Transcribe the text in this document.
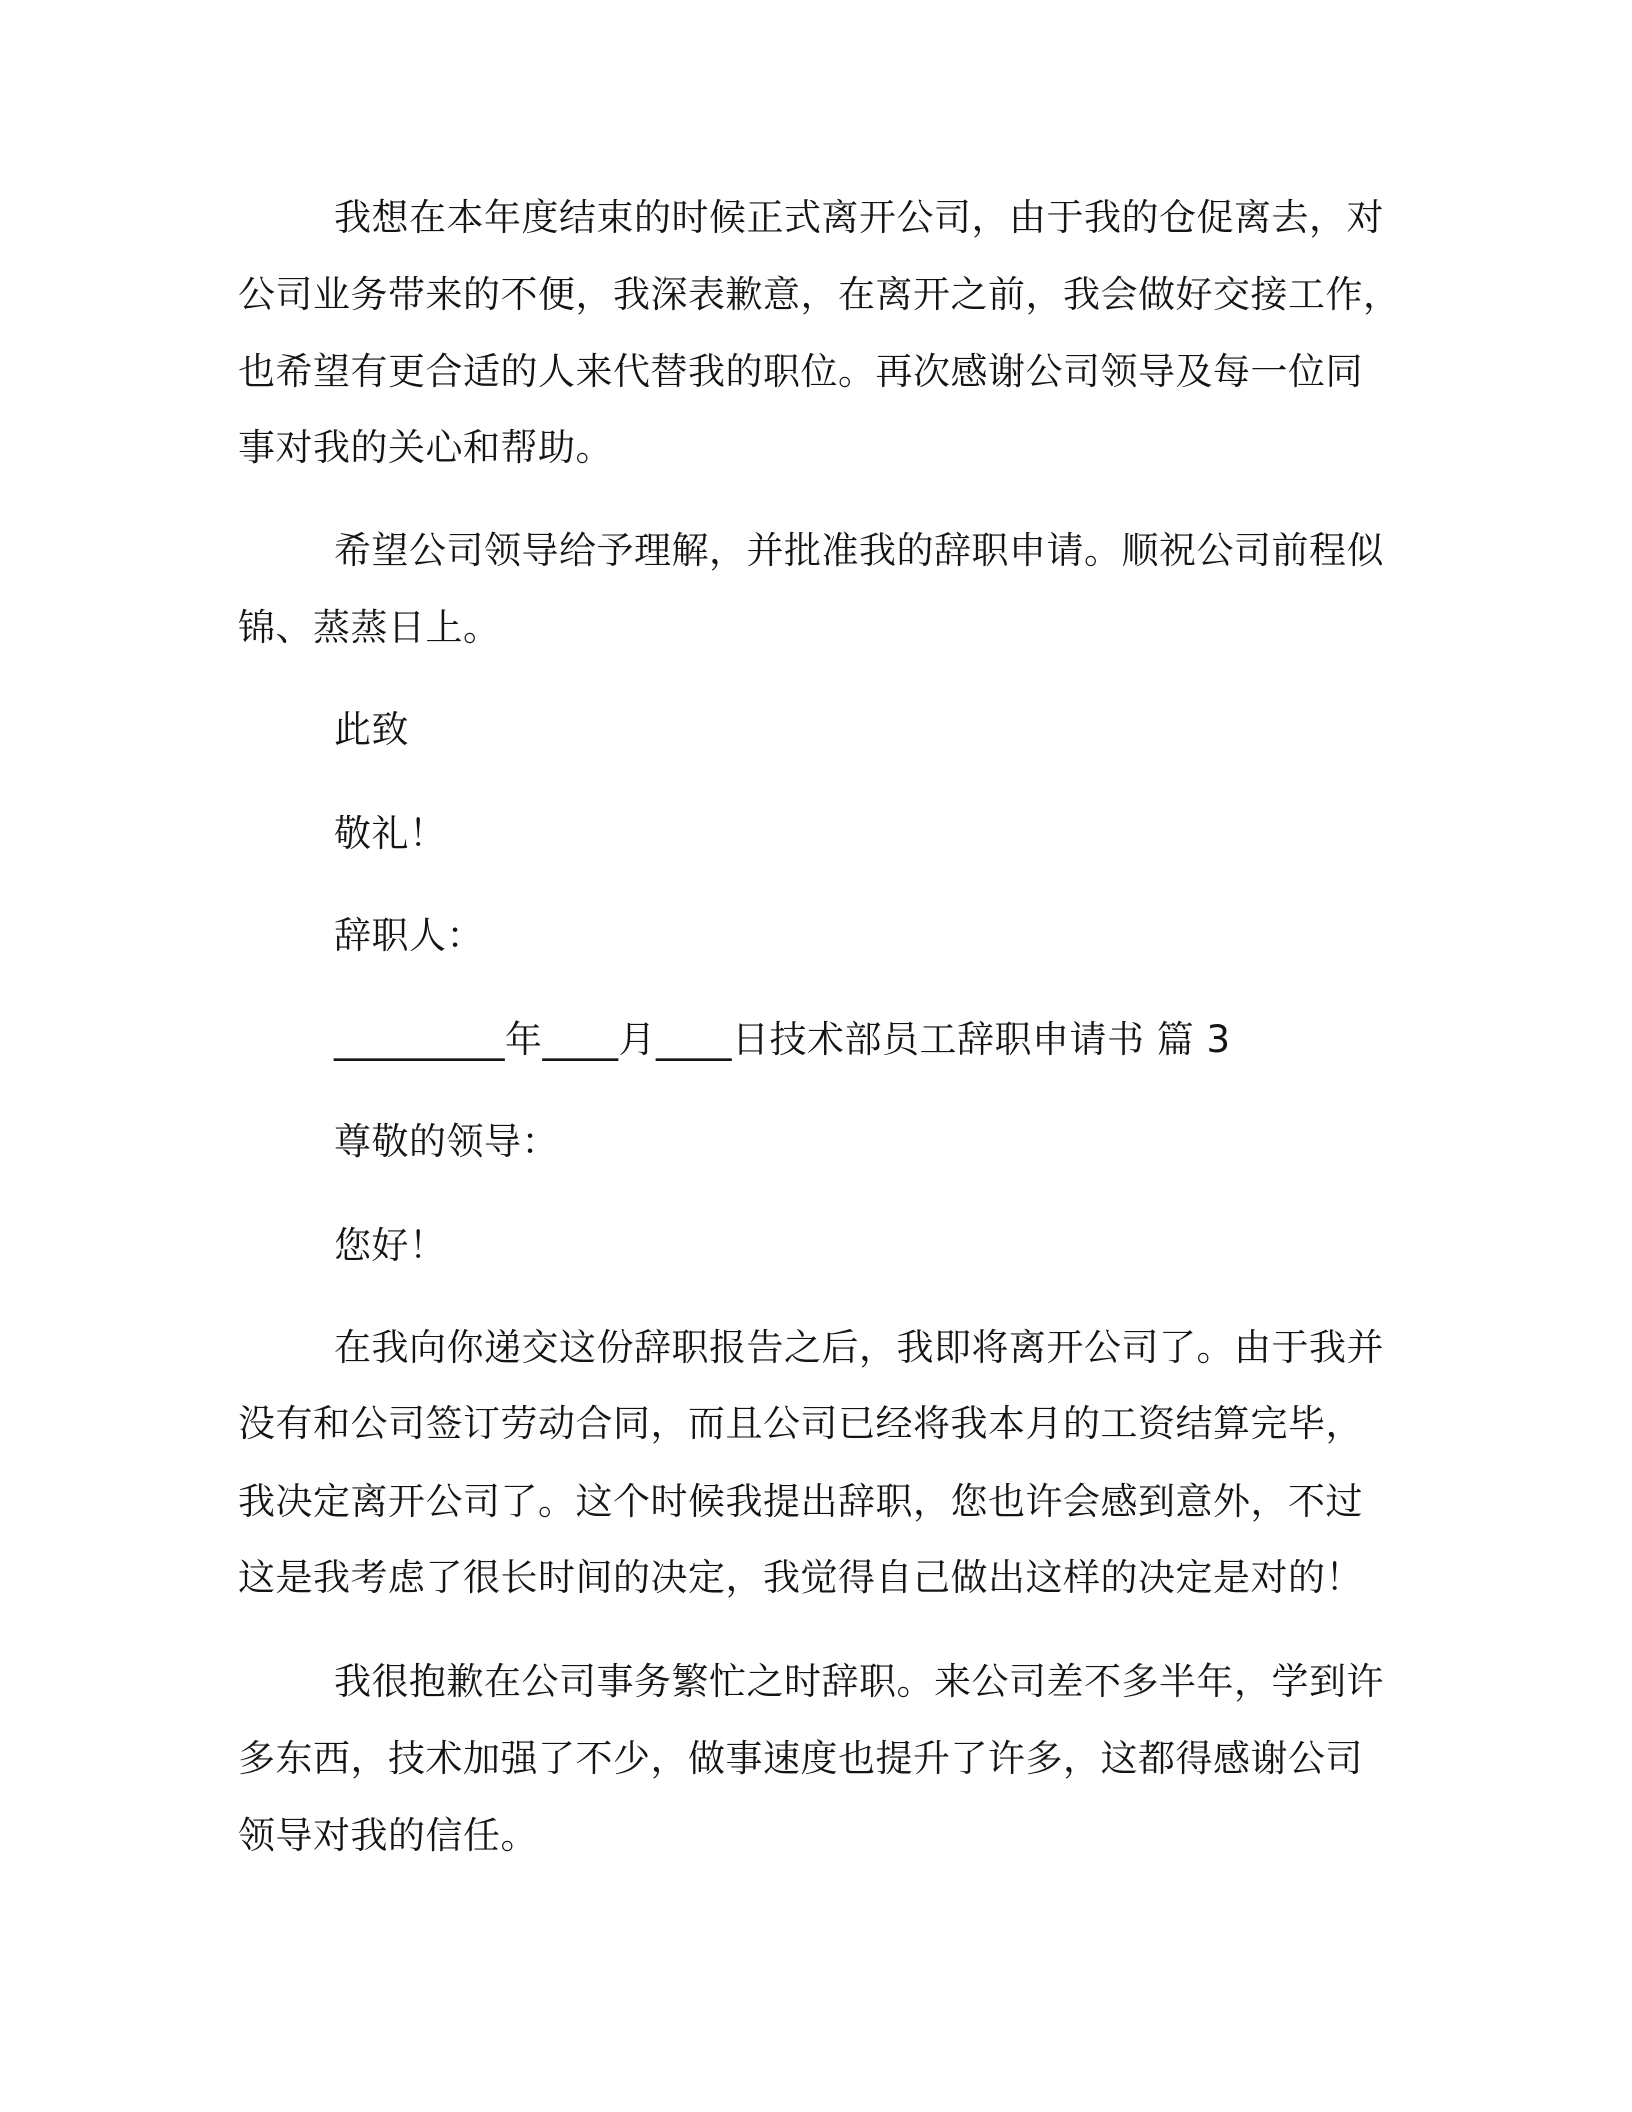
我想在本年度结束的时候正式离开公司，由于我的仓促离去，对
公司业务带来的不便，我深表歉意，在离开之前，我会做好交接工作，
也希望有更合适的人来代替我的职位。再次感谢公司领导及每一位同
事对我的关心和帮助。
希望公司领导给予理解，并批准我的辞职申请。顺祝公司前程似
锦、蒸蒸日上。
此致
敬礼！
辞职人：
_________年____月____日技术部员工辞职申请书 篇 3
尊敬的领导：
您好！
在我向你递交这份辞职报告之后，我即将离开公司了。由于我并
没有和公司签订劳动合同，而且公司已经将我本月的工资结算完毕，
我决定离开公司了。这个时候我提出辞职，您也许会感到意外，不过
这是我考虑了很长时间的决定，我觉得自己做出这样的决定是对的！
我很抱歉在公司事务繁忙之时辞职。来公司差不多半年，学到许
多东西，技术加强了不少，做事速度也提升了许多，这都得感谢公司
领导对我的信任。
